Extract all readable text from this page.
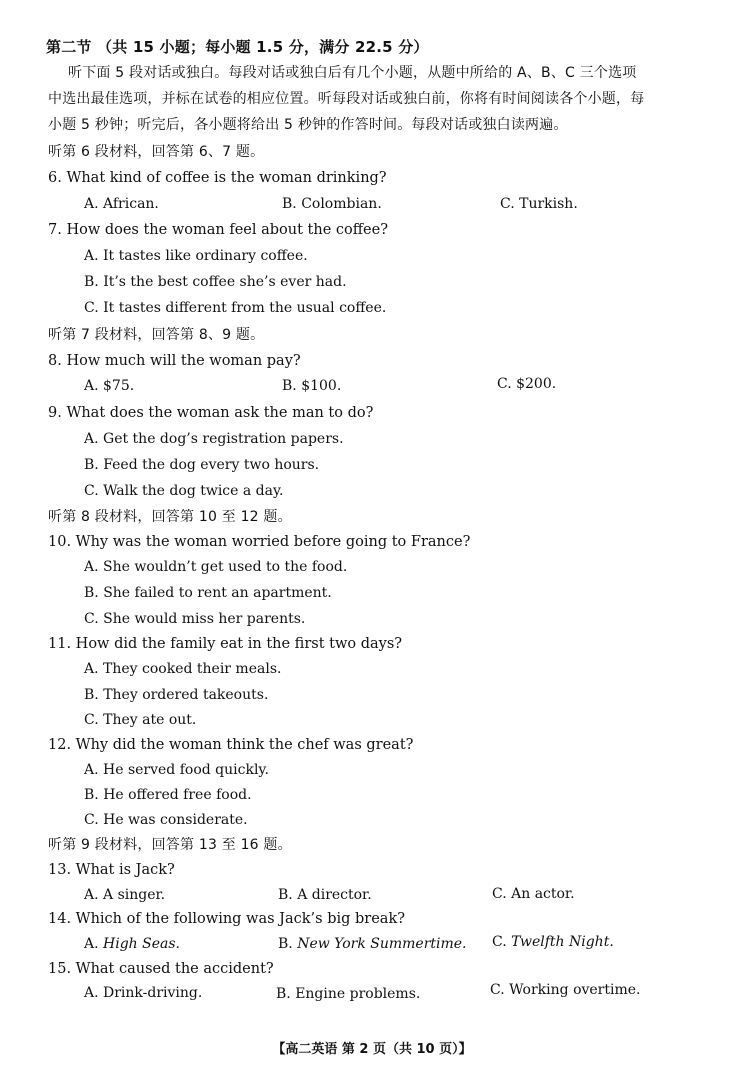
第二节 （共 15 小题；每小题 1.5 分，满分 22.5 分）
听下面 5 段对话或独白。每段对话或独白后有几个小题，从题中所给的 A、B、C 三个选项
中选出最佳选项，并标在试卷的相应位置。听每段对话或独白前，你将有时间阅读各个小题，每
小题 5 秒钟；听完后，各小题将给出 5 秒钟的作答时间。每段对话或独白读两遍。
听第 6 段材料，回答第 6、7 题。
6. What kind of coffee is the woman drinking?
A. African.	B. Colombian.	C. Turkish.
7. How does the woman feel about the coffee?
A. It tastes like ordinary coffee.
B. It’s the best coffee she’s ever had.
C. It tastes different from the usual coffee.
听第 7 段材料，回答第 8、9 题。
8. How much will the woman pay?
A. $75.	B. $100.	C. $200.
9. What does the woman ask the man to do?
A. Get the dog’s registration papers.
B. Feed the dog every two hours.
C. Walk the dog twice a day.
听第 8 段材料，回答第 10 至 12 题。
10. Why was the woman worried before going to France?
A. She wouldn’t get used to the food.
B. She failed to rent an apartment.
C. She would miss her parents.
11. How did the family eat in the first two days?
A. They cooked their meals.
B. They ordered takeouts.
C. They ate out.
12. Why did the woman think the chef was great?
A. He served food quickly.
B. He offered free food.
C. He was considerate.
听第 9 段材料，回答第 13 至 16 题。
13. What is Jack?
A. A singer.	B. A director.	C. An actor.
14. Which of the following was Jack’s big break?
A. High Seas.	B. New York Summertime. C. Twelfth Night.
15. What caused the accident?
A. Drink-driving.	B. Engine problems.	C. Working overtime.
【高二英语 第 2 页（共 10 页）】
